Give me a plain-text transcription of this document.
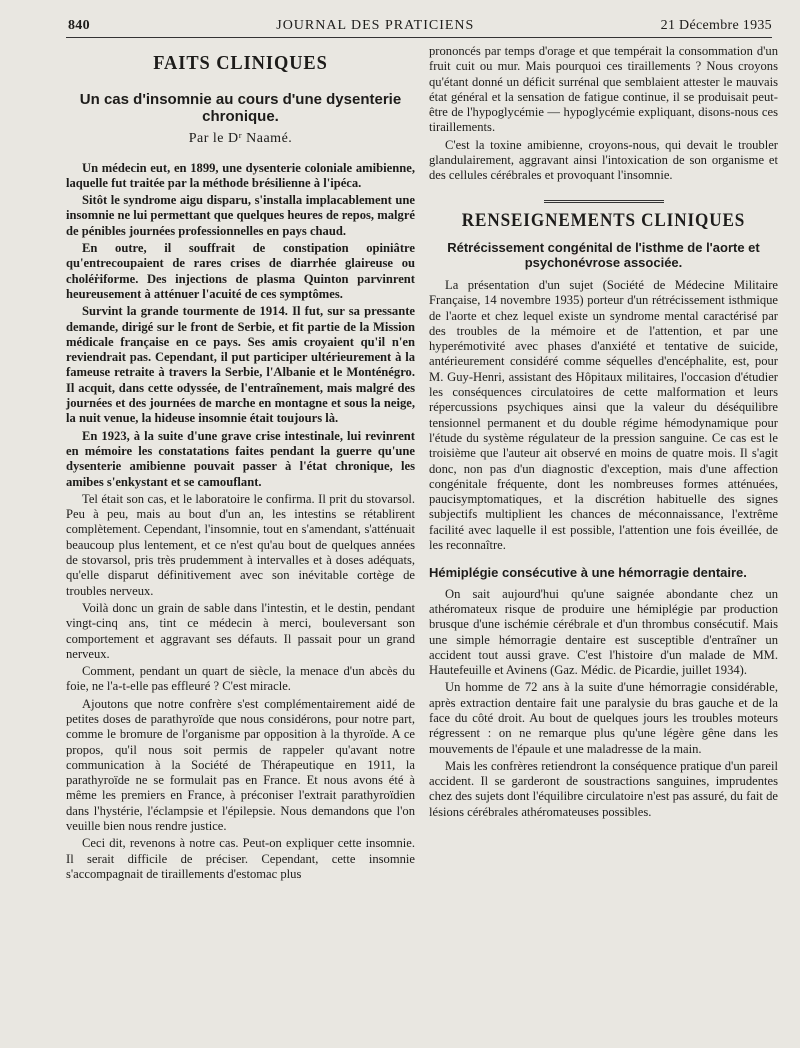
840	JOURNAL DES PRATICIENS	21 Décembre 1935
FAITS CLINIQUES
Un cas d'insomnie au cours d'une dysenterie chronique.
Par le Dʳ Naamé.

Un médecin eut, en 1899, une dysenterie coloniale amibienne, laquelle fut traitée par la méthode brésilienne à l'ipéca.

Sitôt le syndrome aigu disparu, s'installa implacablement une insomnie ne lui permettant que quelques heures de repos, malgré de pénibles journées professionnelles en pays chaud.

En outre, il souffrait de constipation opiniâtre qu'entrecoupaient de rares crises de diarrhée glaireuse ou choléṙiforme. Des injections de plasma Quinton parvinrent heureusement à atténuer l'acuité de ces symptômes.

Survint la grande tourmente de 1914. Il fut, sur sa pressante demande, dirigé sur le front de Serbie, et fit partie de la Mission médicale française en ce pays. Ses amis croyaient qu'il n'en reviendrait pas. Cependant, il put participer ultérieurement à la fameuse retraite à travers la Serbie, l'Albanie et le Monténégro. Il acquit, dans cette odyssée, de l'entraînement, mais malgré des journées et des journées de marche en montagne et sous la neige, la nuit venue, la hideuse insomnie était toujours là.

En 1923, à la suite d'une grave crise intestinale, lui revinrent en mémoire les constatations faites pendant la guerre qu'une dysenterie amibienne pouvait passer à l'état chronique, les amibes s'enkystant et se camouflant.

Tel était son cas, et le laboratoire le confirma. Il prit du stovarsol. Peu à peu, mais au bout d'un an, les intestins se rétablirent complètement. Cependant, l'insomnie, tout en s'amendant, s'atténuait beaucoup plus lentement, et ce n'est qu'au bout de quelques années de stovarsol, pris très prudemment à intervalles et à doses adéquats, qu'elle disparut définitivement avec son inévitable cortège de troubles nerveux.

Voilà donc un grain de sable dans l'intestin, et le destin, pendant vingt-cinq ans, tint ce médecin à merci, bouleversant son comportement et aggravant ses défauts. Il passait pour un grand nerveux.

Comment, pendant un quart de siècle, la menace d'un abcès du foie, ne l'a-t-elle pas effleuré ? C'est miracle.

Ajoutons que notre confrère s'est complémentairement aidé de petites doses de parathyroïde que nous considérons, pour notre part, comme le bromure de l'organisme par opposition à la thyroïde. A ce propos, qu'il nous soit permis de rappeler qu'avant notre communication à la Société de Thérapeutique en 1911, la parathyroïde ne se formulait pas en France. Et nous avons été à même les premiers en France, à préconiser l'extrait parathyroïdien dans l'hystérie, l'éclampsie et l'épilepsie. Nous demandons que l'on veuille bien nous rendre justice.

Ceci dit, revenons à notre cas. Peut-on expliquer cette insomnie. Il serait difficile de préciser. Cependant, cette insomnie s'accompagnait de tiraillements d'estomac plus

prononcés par temps d'orage et que tempérait la consommation d'un fruit cuit ou mur. Mais pourquoi ces tiraillements ? Nous croyons qu'étant donné un déficit surrénal que semblaient attester le mauvais état général et la sensation de fatigue continue, il se produisait peut-être de l'hypoglycémie — hypoglycémie expliquant, disons-nous ces tiraillements.

C'est la toxine amibienne, croyons-nous, qui devait le troubler glandulairement, aggravant ainsi l'intoxication de son organisme et des cellules cérébrales et provoquant l'insomnie.

RENSEIGNEMENTS CLINIQUES
Rétrécissement congénital de l'isthme de l'aorte et psychonévrose associée.

La présentation d'un sujet (Société de Médecine Militaire Française, 14 novembre 1935) porteur d'un rétrécissement isthmique de l'aorte et chez lequel existe un syndrome mental caractérisé par des troubles de la mémoire et de l'attention, et par une hyperémotivité avec phases d'anxiété et tentative de suicide, antérieurement considéré comme séquelles d'encéphalite, est, pour M. Guy-Henri, assistant des Hôpitaux militaires, l'occasion d'étudier les conséquences circulatoires de cette malformation et leurs répercussions psychiques ainsi que la valeur du déséquilibre tensionnel permanent et du double régime hémodynamique pour l'étude du système régulateur de la pression sanguine. Ce cas est le troisième que l'auteur ait observé en moins de quatre mois. Il s'agit donc, non pas d'un diagnostic d'exception, mais d'une affection congénitale fréquente, dont les nombreuses formes atténuées, paucisymptomatiques, et la discrétion habituelle des signes subjectifs multiplient les chances de méconnaissance, l'extrême facilité avec laquelle il est possible, l'attention une fois éveillée, de les reconnaître.

Hémiplégie consécutive à une hémorragie dentaire.

On sait aujourd'hui qu'une saignée abondante chez un athéromateux risque de produire une hémiplégie par production brusque d'une ischémie cérébrale et d'un thrombus consécutif. Mais une simple hémorragie dentaire est susceptible d'entraîner un accident tout aussi grave. C'est l'histoire d'un malade de MM. Hautefeuille et Avinens (Gaz. Médic. de Picardie, juillet 1934).

Un homme de 72 ans à la suite d'une hémorragie considérable, après extraction dentaire fait une paralysie du bras gauche et de la face du côté droit. Au bout de quelques jours les troubles moteurs régressent : on ne remarque plus qu'une légère gêne dans les mouvements de l'épaule et une maladresse de la main.

Mais les confrères retiendront la conséquence pratique d'un pareil accident. Il se garderont de soustractions sanguines, imprudentes chez des sujets dont l'équilibre circulatoire n'est pas assuré, du fait de lésions cérébrales athéromateuses possibles.
